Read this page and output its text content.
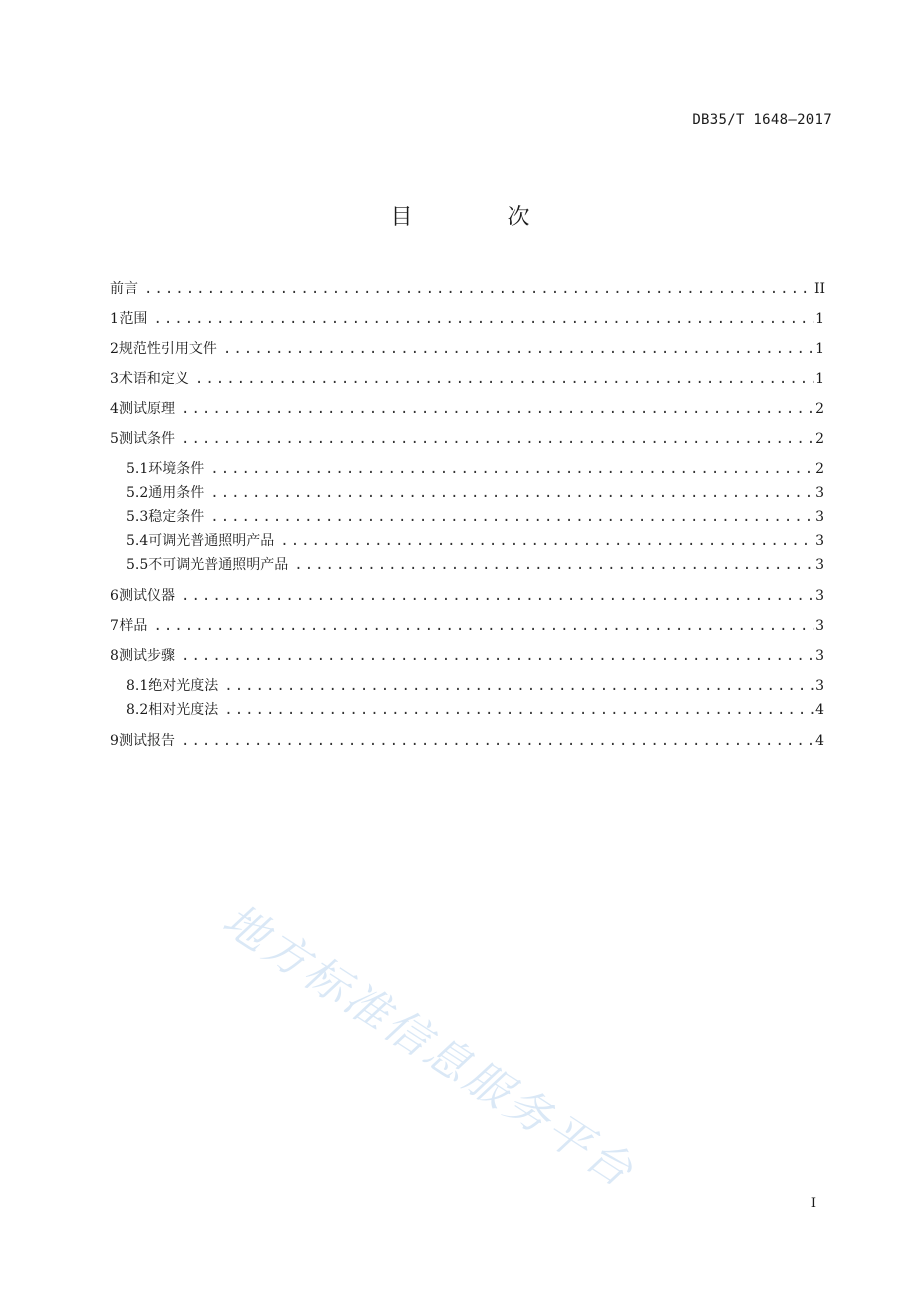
DB35/T 1648—2017
目 次
前言 .....	II
1 范围 .....	1
2 规范性引用文件 .....	1
3 术语和定义 .....	1
4 测试原理 .....	2
5 测试条件 .....	2
5.1 环境条件 .....	2
5.2 通用条件 .....	3
5.3 稳定条件 .....	3
5.4 可调光普通照明产品 .....	3
5.5 不可调光普通照明产品 .....	3
6 测试仪器 .....	3
7 样品 .....	3
8 测试步骤 .....	3
8.1 绝对光度法 .....	3
8.2 相对光度法 .....	4
9 测试报告 .....	4
地方标准信息服务平台
I
